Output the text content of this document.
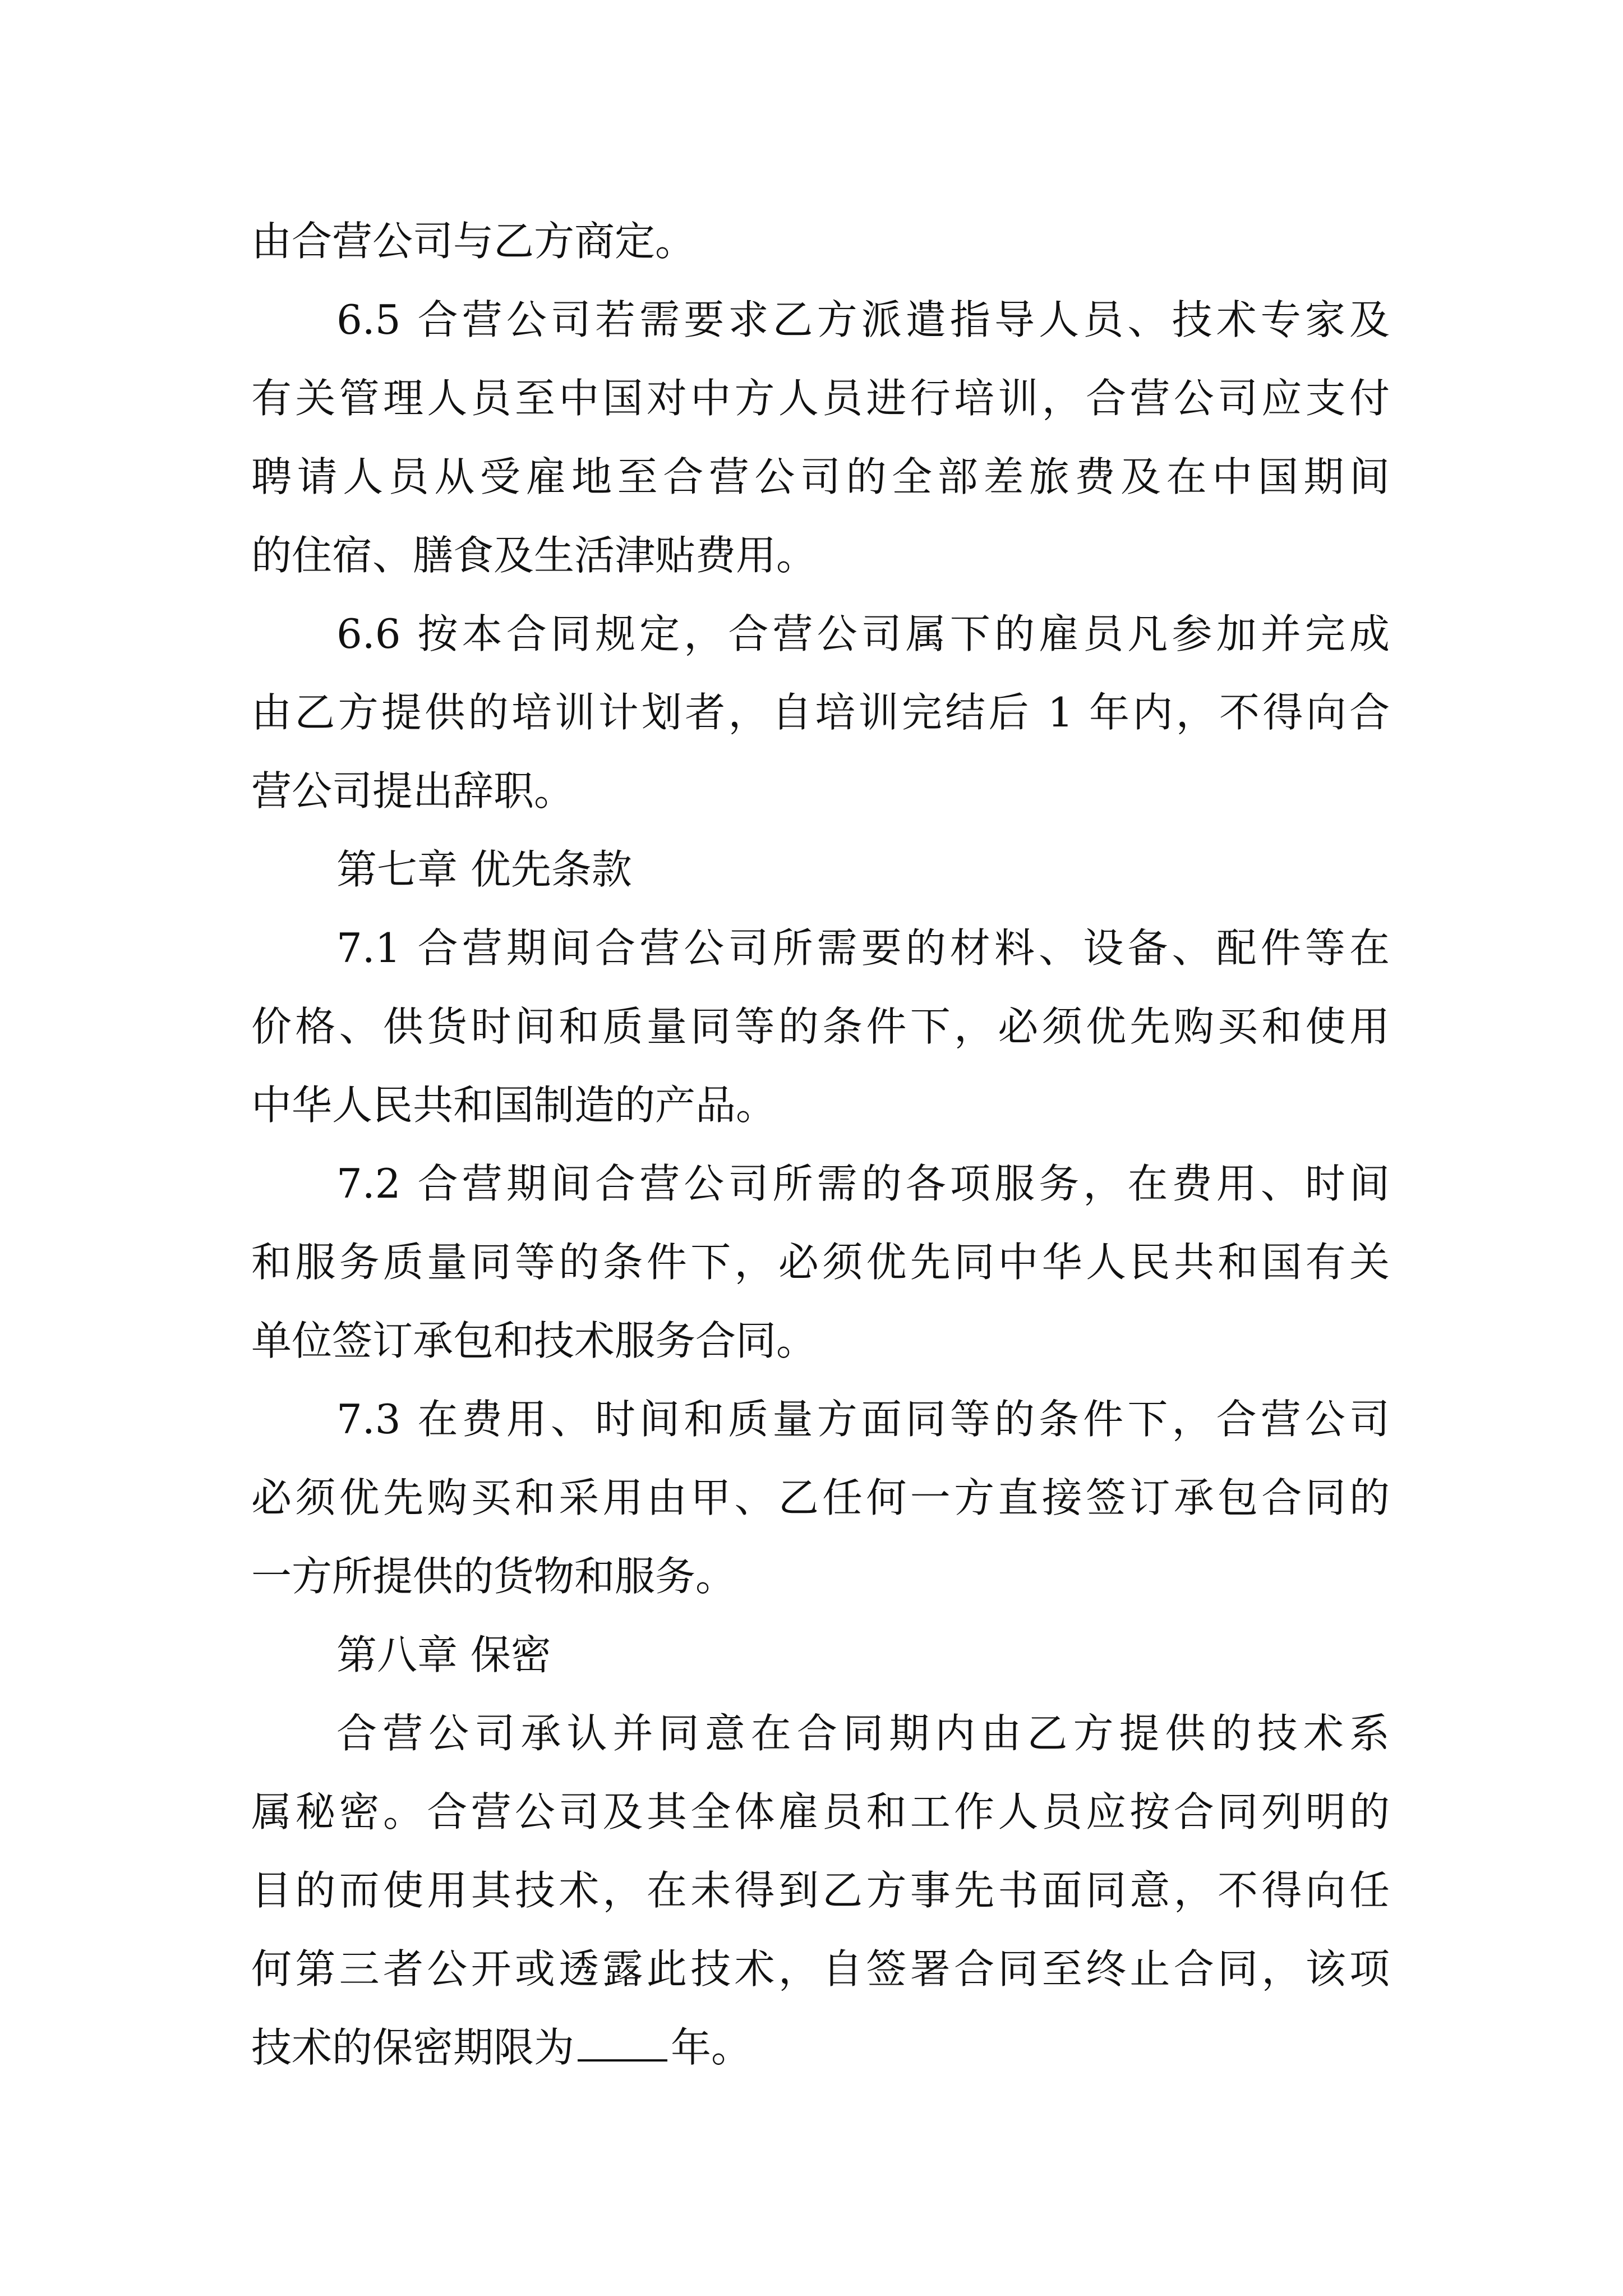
由合营公司与乙方商定。
6.5 合营公司若需要求乙方派遣指导人员、技术专家及
有关管理人员至中国对中方人员进行培训，合营公司应支付
聘请人员从受雇地至合营公司的全部差旅费及在中国期间
的住宿、膳食及生活津贴费用。
6.6 按本合同规定，合营公司属下的雇员凡参加并完成
由乙方提供的培训计划者，自培训完结后 1 年内，不得向合
营公司提出辞职。
第七章 优先条款
7.1 合营期间合营公司所需要的材料、设备、配件等在
价格、供货时间和质量同等的条件下，必须优先购买和使用
中华人民共和国制造的产品。
7.2 合营期间合营公司所需的各项服务，在费用、时间
和服务质量同等的条件下，必须优先同中华人民共和国有关
单位签订承包和技术服务合同。
7.3 在费用、时间和质量方面同等的条件下，合营公司
必须优先购买和采用由甲、乙任何一方直接签订承包合同的
一方所提供的货物和服务。
第八章 保密
合营公司承认并同意在合同期内由乙方提供的技术系
属秘密。合营公司及其全体雇员和工作人员应按合同列明的
目的而使用其技术，在未得到乙方事先书面同意，不得向任
何第三者公开或透露此技术，自签署合同至终止合同，该项
技术的保密期限为 年。
